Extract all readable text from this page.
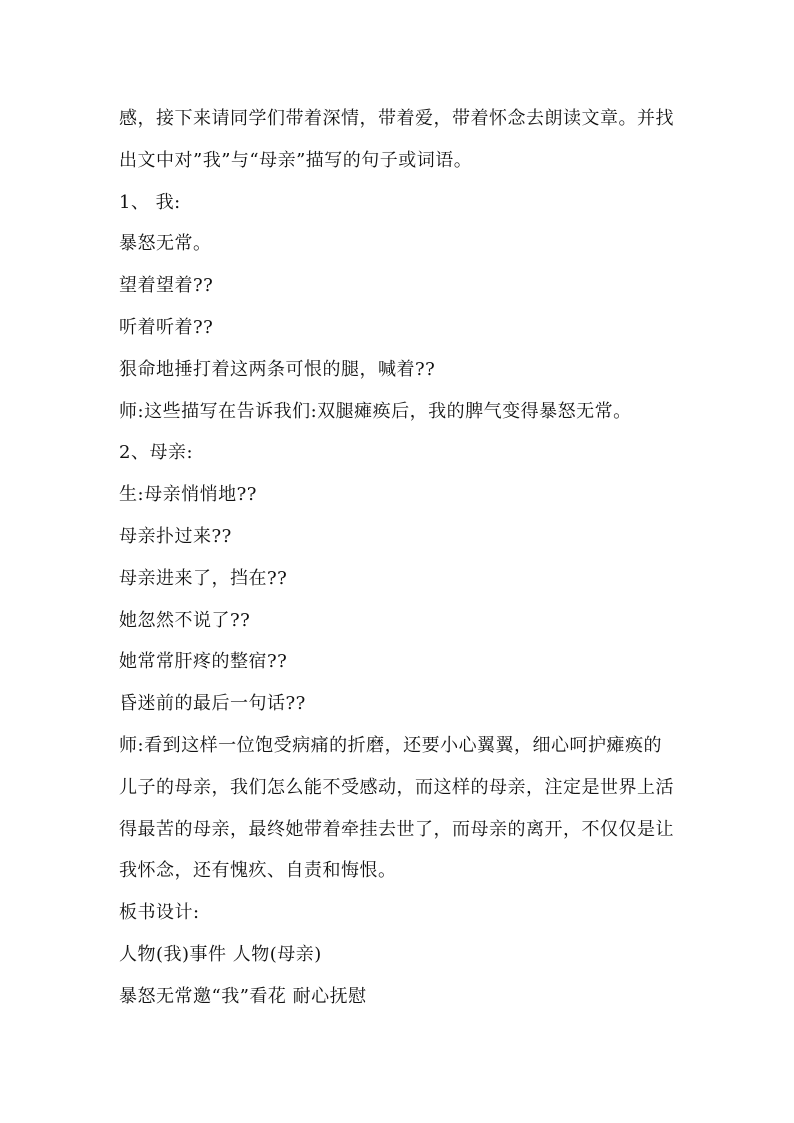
感，接下来请同学们带着深情，带着爱，带着怀念去朗读文章。并找
出文中对”我”与“母亲”描写的句子或词语。
1、 我:
暴怒无常。
望着望着??
听着听着??
狠命地捶打着这两条可恨的腿，喊着??
师:这些描写在告诉我们:双腿瘫痪后，我的脾气变得暴怒无常。
2、母亲:
生:母亲悄悄地??
母亲扑过来??
母亲进来了，挡在??
她忽然不说了??
她常常肝疼的整宿??
昏迷前的最后一句话??
师:看到这样一位饱受病痛的折磨，还要小心翼翼，细心呵护瘫痪的
儿子的母亲，我们怎么能不受感动，而这样的母亲，注定是世界上活
得最苦的母亲，最终她带着牵挂去世了，而母亲的离开，不仅仅是让
我怀念，还有愧疚、自责和悔恨。
板书设计:
人物(我)事件 人物(母亲)
暴怒无常邀“我”看花 耐心抚慰
